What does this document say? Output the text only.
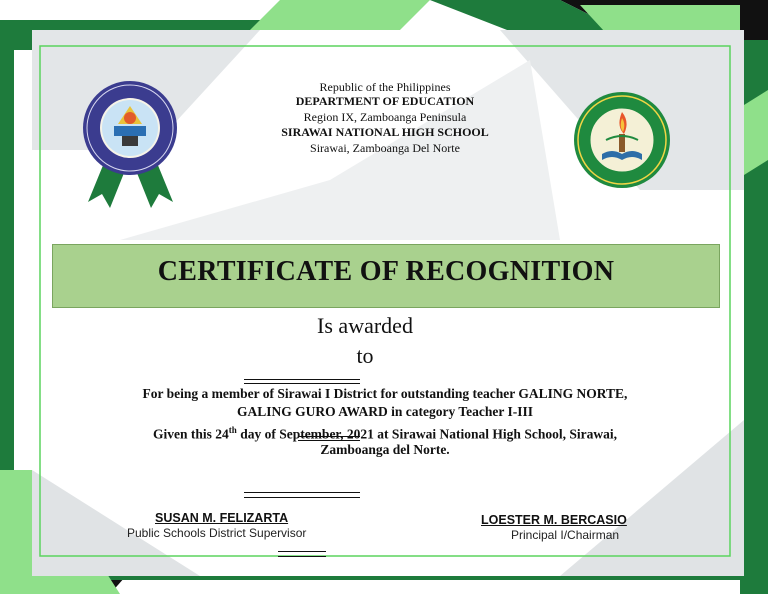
Republic of the Philippines
DEPARTMENT OF EDUCATION
Region IX, Zamboanga Peninsula
SIRAWAI NATIONAL HIGH SCHOOL
Sirawai, Zamboanga Del Norte
CERTIFICATE OF RECOGNITION
Is awarded
to
For being a member of Sirawai I District for outstanding teacher GALING NORTE,
GALING GURO AWARD in category Teacher I-III
Given this 24th day of September, 2021 at Sirawai National High School, Sirawai,
Zamboanga del Norte.
SUSAN M. FELIZARTA
Public Schools District Supervisor
LOESTER M. BERCASIO
Principal I/Chairman
